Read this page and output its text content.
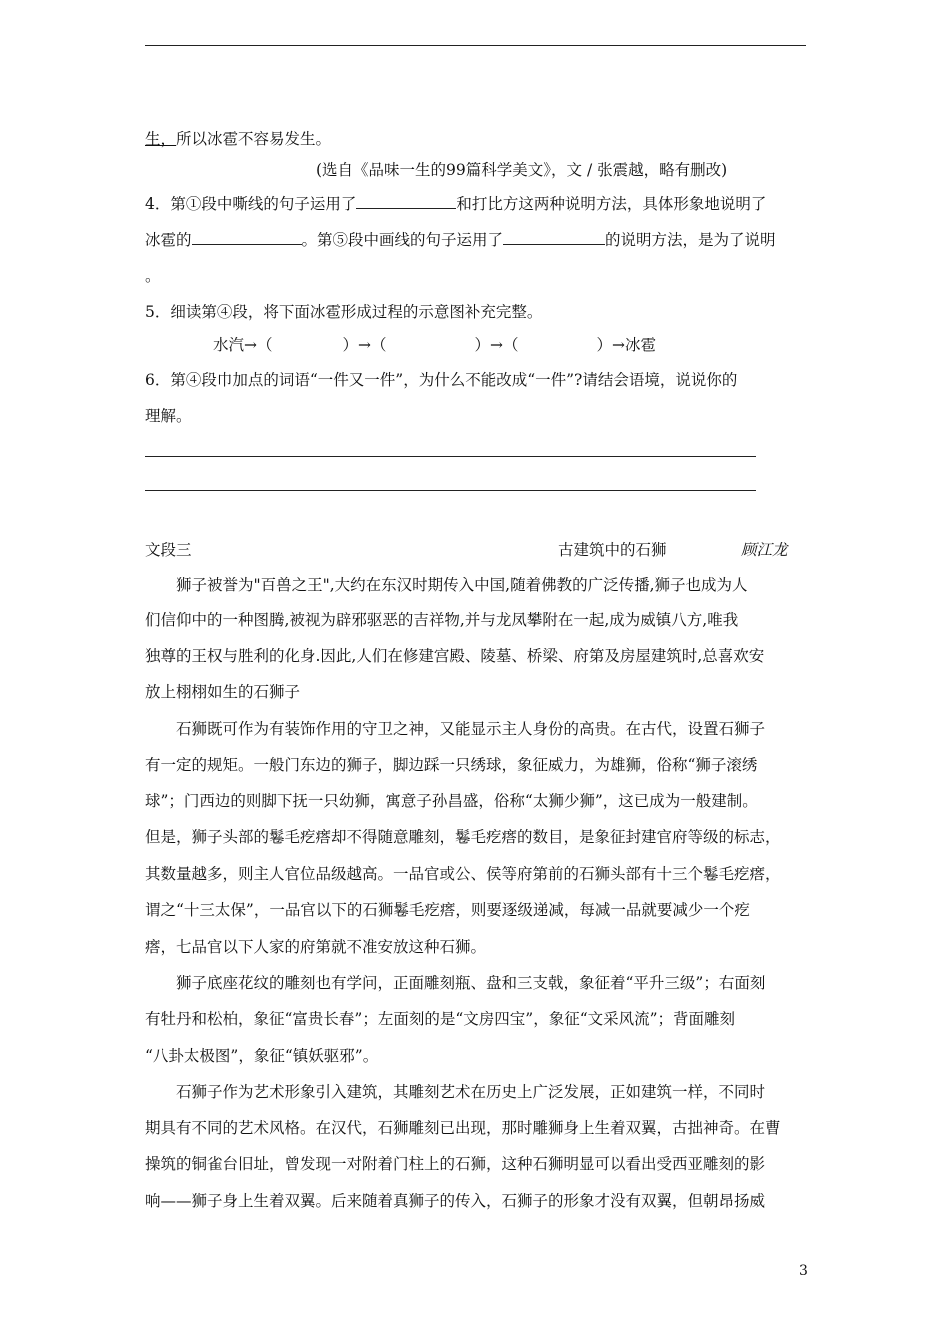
生，所以冰雹不容易发生。
(选自《品味一生的99篇科学美文》，文 / 张震越，略有删改)
4．第①段中嘶线的句子运用了	和打比方这两种说明方法，具体形象地说明了
冰雹的	。第⑤段中画线的句子运用了	的说明方法，是为了说明
。
5．细读第④段，将下面冰雹形成过程的示意图补充完整。
水汽→（	）→（	）→（	）→冰雹
6．第④段巾加点的词语“一件又一件”，为什么不能改成“一件”?请结会语境，说说你的
理解。
文段三	古建筑中的石狮	顾江龙
狮子被誉为"百兽之王",大约在东汉时期传入中国,随着佛教的广泛传播,狮子也成为人
们信仰中的一种图腾,被视为辟邪驱恶的吉祥物,并与龙凤攀附在一起,成为威镇八方,唯我
独尊的王权与胜利的化身.因此,人们在修建宫殿、陵墓、桥梁、府第及房屋建筑时,总喜欢安
放上栩栩如生的石狮子
石狮既可作为有装饰作用的守卫之神，又能显示主人身份的高贵。在古代，设置石狮子
有一定的规矩。一般门东边的狮子，脚边踩一只绣球，象征威力，为雄狮，俗称“狮子滚绣
球”；门西边的则脚下抚一只幼狮，寓意子孙昌盛，俗称“太狮少狮”，这已成为一般建制。
但是，狮子头部的鬈毛疙瘩却不得随意雕刻，鬈毛疙瘩的数目，是象征封建官府等级的标志，
其数量越多，则主人官位品级越高。一品官或公、侯等府第前的石狮头部有十三个鬈毛疙瘩，
谓之“十三太保”，一品官以下的石狮鬈毛疙瘩，则要逐级递减，每减一品就要减少一个疙
瘩，七品官以下人家的府第就不准安放这种石狮。
狮子底座花纹的雕刻也有学问，正面雕刻瓶、盘和三支戟，象征着“平升三级”；右面刻
有牡丹和松柏，象征“富贵长春”；左面刻的是“文房四宝”，象征“文采风流”；背面雕刻
“八卦太极图”，象征“镇妖驱邪”。
石狮子作为艺术形象引入建筑，其雕刻艺术在历史上广泛发展，正如建筑一样，不同时
期具有不同的艺术风格。在汉代，石狮雕刻已出现，那时雕狮身上生着双翼，古拙神奇。在曹
操筑的铜雀台旧址，曾发现一对附着门柱上的石狮，这种石狮明显可以看出受西亚雕刻的影
响——狮子身上生着双翼。后来随着真狮子的传入，石狮子的形象才没有双翼，但朝昂扬威
3
